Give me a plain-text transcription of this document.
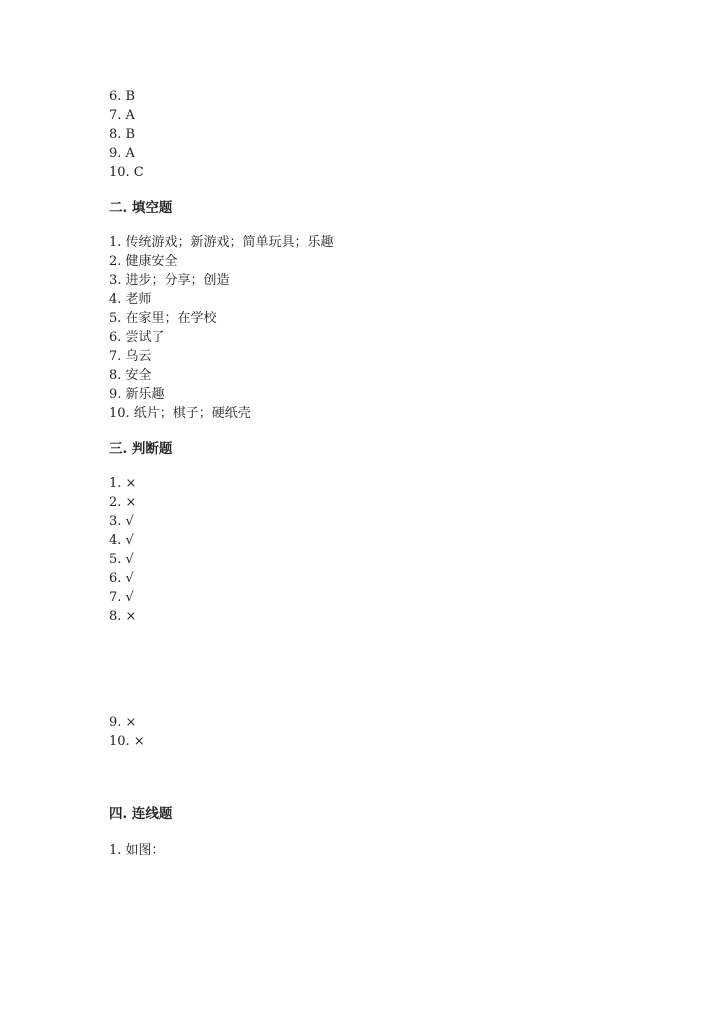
6. B
7. A
8. B
9. A
10. C
二. 填空题
1. 传统游戏；新游戏；简单玩具；乐趣
2. 健康安全
3. 进步；分享；创造
4. 老师
5. 在家里；在学校
6. 尝试了
7. 乌云
8. 安全
9. 新乐趣
10. 纸片；棋子；硬纸壳
三. 判断题
1. ×
2. ×
3. √
4. √
5. √
6. √
7. √
8. ×
9. ×
10. ×
四. 连线题
1. 如图：
